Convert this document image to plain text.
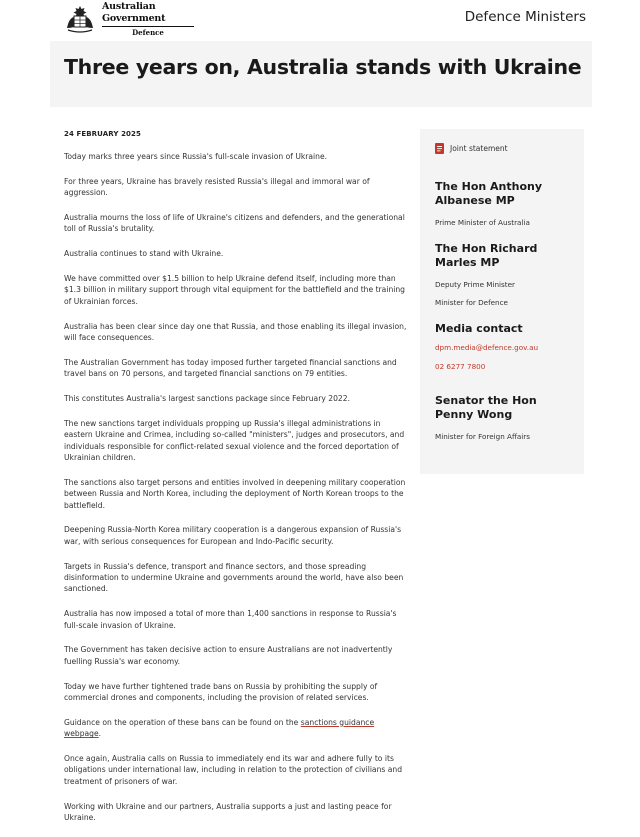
Australian Government
Defence
Defence Ministers
Three years on, Australia stands with Ukraine
24 FEBRUARY 2025

Today marks three years since Russia's full-scale invasion of Ukraine.

For three years, Ukraine has bravely resisted Russia's illegal and immoral war of aggression.

Australia mourns the loss of life of Ukraine's citizens and defenders, and the generational toll of Russia's brutality.

Australia continues to stand with Ukraine.

We have committed over $1.5 billion to help Ukraine defend itself, including more than $1.3 billion in military support through vital equipment for the battlefield and the training of Ukrainian forces.

Australia has been clear since day one that Russia, and those enabling its illegal invasion, will face consequences.

The Australian Government has today imposed further targeted financial sanctions and travel bans on 70 persons, and targeted financial sanctions on 79 entities.

This constitutes Australia's largest sanctions package since February 2022.

The new sanctions target individuals propping up Russia's illegal administrations in eastern Ukraine and Crimea, including so-called "ministers", judges and prosecutors, and individuals responsible for conflict-related sexual violence and the forced deportation of Ukrainian children.

The sanctions also target persons and entities involved in deepening military cooperation between Russia and North Korea, including the deployment of North Korean troops to the battlefield.

Deepening Russia-North Korea military cooperation is a dangerous expansion of Russia's war, with serious consequences for European and Indo-Pacific security.

Targets in Russia's defence, transport and finance sectors, and those spreading disinformation to undermine Ukraine and governments around the world, have also been sanctioned.

Australia has now imposed a total of more than 1,400 sanctions in response to Russia's full-scale invasion of Ukraine.

The Government has taken decisive action to ensure Australians are not inadvertently fuelling Russia's war economy.

Today we have further tightened trade bans on Russia by prohibiting the supply of commercial drones and components, including the provision of related services.

Guidance on the operation of these bans can be found on the sanctions guidance webpage.

Once again, Australia calls on Russia to immediately end its war and adhere fully to its obligations under international law, including in relation to the protection of civilians and treatment of prisoners of war.

Working with Ukraine and our partners, Australia supports a just and lasting peace for Ukraine.

Joint statement
The Hon Anthony Albanese MP
Prime Minister of Australia
The Hon Richard Marles MP
Deputy Prime Minister
Minister for Defence
Media contact
dpm.media@defence.gov.au
02 6277 7800
Senator the Hon Penny Wong
Minister for Foreign Affairs
